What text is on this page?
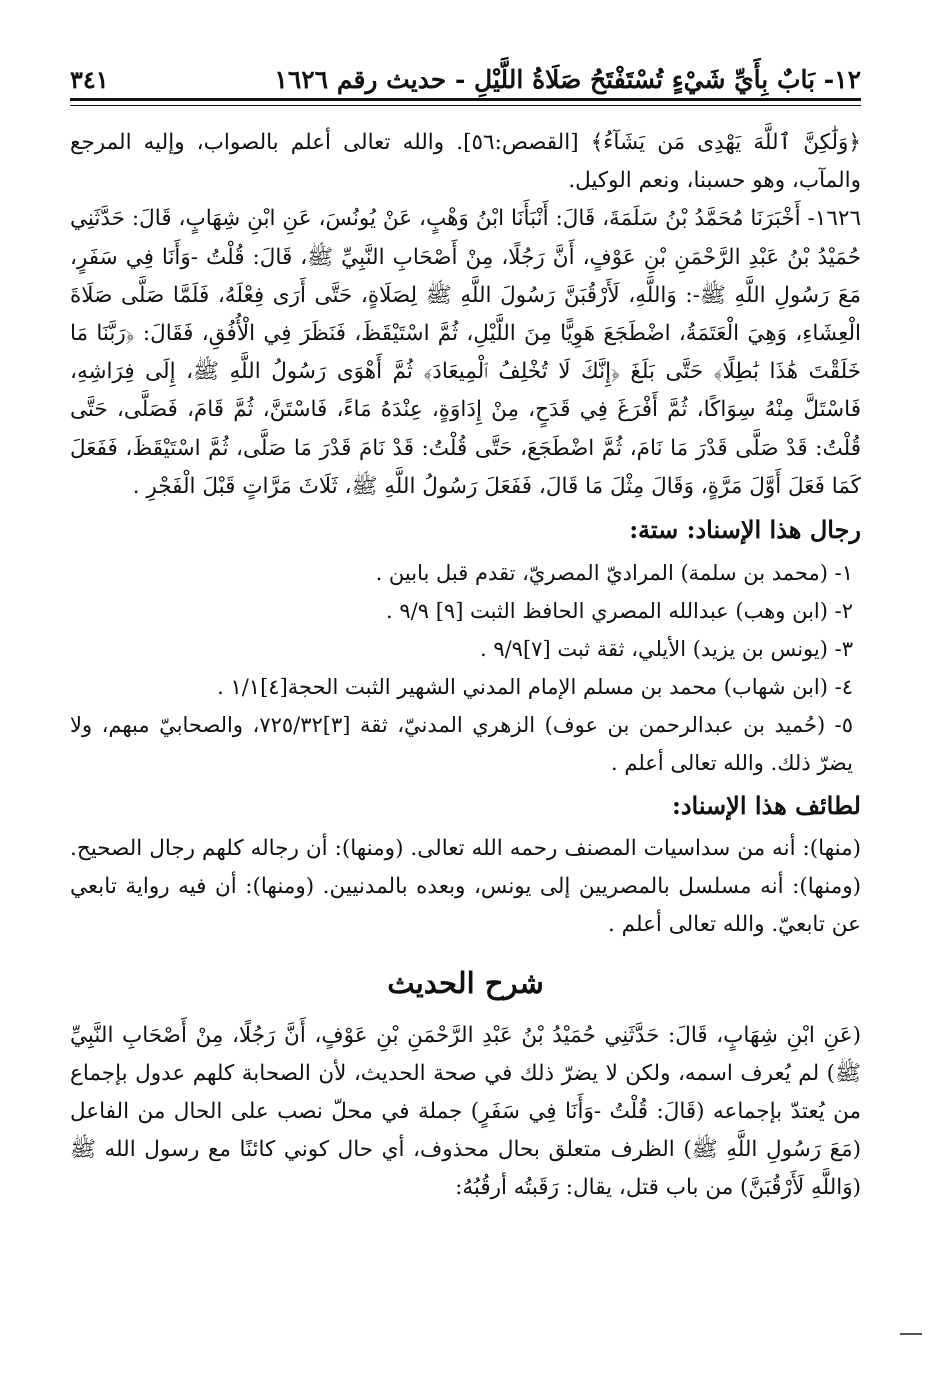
١٢- بَابٌ بِأَيِّ شَيْءٍ تُسْتَفْتَحُ صَلَاةُ اللَّيْلِ - حديث رقم ١٦٢٦
٣٤١

﴿وَلَٰكِنَّ ٱللَّهَ يَهْدِى مَن يَشَآءُ﴾ [القصص:٥٦]. والله تعالى أعلم بالصواب، وإليه المرجع والمآب، وهو حسبنا، ونعم الوكيل.

١٦٢٦- أَخْبَرَنَا مُحَمَّدُ بْنُ سَلَمَةَ، قَالَ: أَنْبَأَنَا ابْنُ وَهْبٍ، عَنْ يُونُسَ، عَنِ ابْنِ شِهَابٍ، قَالَ: حَدَّثَنِي حُمَيْدُ بْنُ عَبْدِ الرَّحْمَنِ بْنِ عَوْفٍ، أَنَّ رَجُلًا، مِنْ أَصْحَابِ النَّبِيِّ ﷺ، قَالَ: قُلْتُ -وَأَنَا فِي سَفَرٍ، مَعَ رَسُولِ اللَّهِ ﷺ-: وَاللَّهِ، لَأَرْقُبَنَّ رَسُولَ اللَّهِ ﷺ لِصَلَاةٍ، حَتَّى أَرَى فِعْلَهُ، فَلَمَّا صَلَّى صَلَاةَ الْعِشَاءِ، وَهِيَ الْعَتَمَةُ، اضْطَجَعَ هَوِيًّا مِنَ اللَّيْلِ، ثُمَّ اسْتَيْقَظَ، فَنَظَرَ فِي الْأُفُقِ، فَقَالَ: ﴿رَبَّنَا مَا خَلَقْتَ هَٰذَا بَٰطِلًا﴾ حَتَّى بَلَغَ ﴿إِنَّكَ لَا تُخْلِفُ ٱلْمِيعَادَ﴾ ثُمَّ أَهْوَى رَسُولُ اللَّهِ ﷺ، إِلَى فِرَاشِهِ، فَاسْتَلَّ مِنْهُ سِوَاكًا، ثُمَّ أَفْرَغَ فِي قَدَحٍ، مِنْ إِدَاوَةٍ، عِنْدَهُ مَاءً، فَاسْتَنَّ، ثُمَّ قَامَ، فَصَلَّى، حَتَّى قُلْتُ: قَدْ صَلَّى قَدْرَ مَا نَامَ، ثُمَّ اضْطَجَعَ، حَتَّى قُلْتُ: قَدْ نَامَ قَدْرَ مَا صَلَّى، ثُمَّ اسْتَيْقَظَ، فَفَعَلَ كَمَا فَعَلَ أَوَّلَ مَرَّةٍ، وَقَالَ مِثْلَ مَا قَالَ، فَفَعَلَ رَسُولُ اللَّهِ ﷺ، ثَلَاثَ مَرَّاتٍ قَبْلَ الْفَجْرِ .

رجال هذا الإسناد: ستة:

١- (محمد بن سلمة) المراديّ المصريّ، تقدم قبل بابين .

٢- (ابن وهب) عبدالله المصري الحافظ الثبت [٩] ٩/٩ .

٣- (يونس بن يزيد) الأيلي، ثقة ثبت [٧]٩/٩ .

٤- (ابن شهاب) محمد بن مسلم الإمام المدني الشهير الثبت الحجة[٤]١/١ .

٥- (حُميد بن عبدالرحمن بن عوف) الزهري المدنيّ، ثقة [٣]٧٢٥/٣٢، والصحابيّ مبهم، ولا يضرّ ذلك. والله تعالى أعلم .

لطائف هذا الإسناد:

(منها): أنه من سداسيات المصنف رحمه الله تعالى. (ومنها): أن رجاله كلهم رجال الصحيح. (ومنها): أنه مسلسل بالمصريين إلى يونس، وبعده بالمدنيين. (ومنها): أن فيه رواية تابعي عن تابعيّ. والله تعالى أعلم .

شرح الحديث

(عَنِ ابْنِ شِهَابٍ، قَالَ: حَدَّثَنِي حُمَيْدُ بْنُ عَبْدِ الرَّحْمَنِ بْنِ عَوْفٍ، أَنَّ رَجُلًا، مِنْ أَصْحَابِ النَّبِيِّ ﷺ) لم يُعرف اسمه، ولكن لا يضرّ ذلك في صحة الحديث، لأن الصحابة كلهم عدول بإجماع من يُعتدّ بإجماعه (قَالَ: قُلْتُ -وَأَنَا فِي سَفَرٍ) جملة في محلّ نصب على الحال من الفاعل (مَعَ رَسُولِ اللَّهِ ﷺ) الظرف متعلق بحال محذوف، أي حال كوني كائنًا مع رسول الله ﷺ (وَاللَّهِ لَأَرْقُبَنَّ) من باب قتل، يقال: رَقَبتُه أرقُبُهُ:
